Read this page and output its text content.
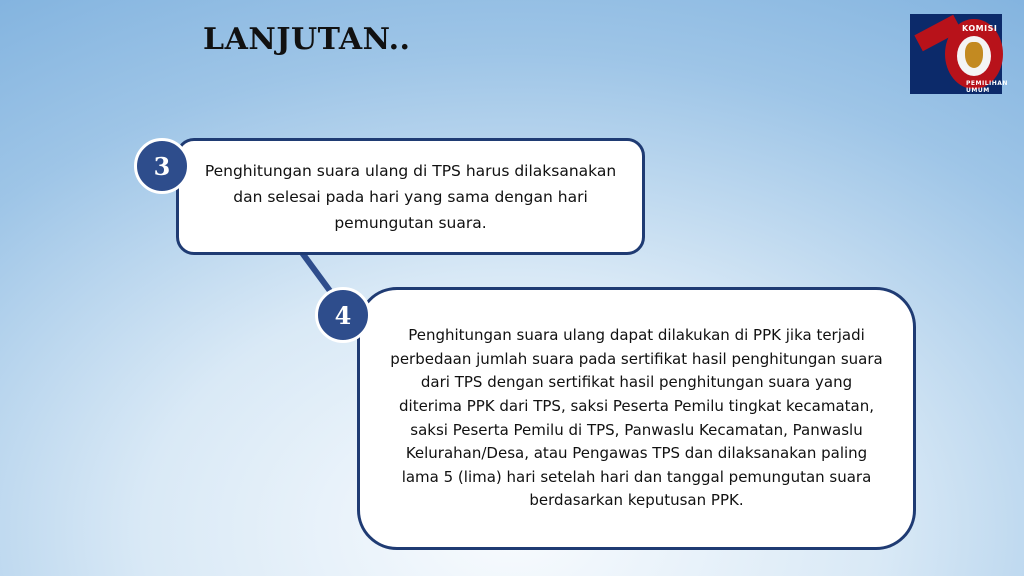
LANJUTAN..	KOMISI
PEMILIHAN UMUM
Penghitungan suara ulang di TPS harus dilaksanakan dan selesai pada hari yang sama dengan hari pemungutan suara.
3
Penghitungan suara ulang dapat dilakukan di PPK jika terjadi perbedaan jumlah suara pada sertifikat hasil penghitungan suara dari TPS dengan sertifikat hasil penghitungan suara yang diterima PPK dari TPS, saksi Peserta Pemilu tingkat kecamatan, saksi Peserta Pemilu di TPS, Panwaslu Kecamatan, Panwaslu Kelurahan/Desa, atau Pengawas TPS dan dilaksanakan paling lama 5 (lima) hari setelah hari dan tanggal pemungutan suara berdasarkan keputusan PPK.
4
